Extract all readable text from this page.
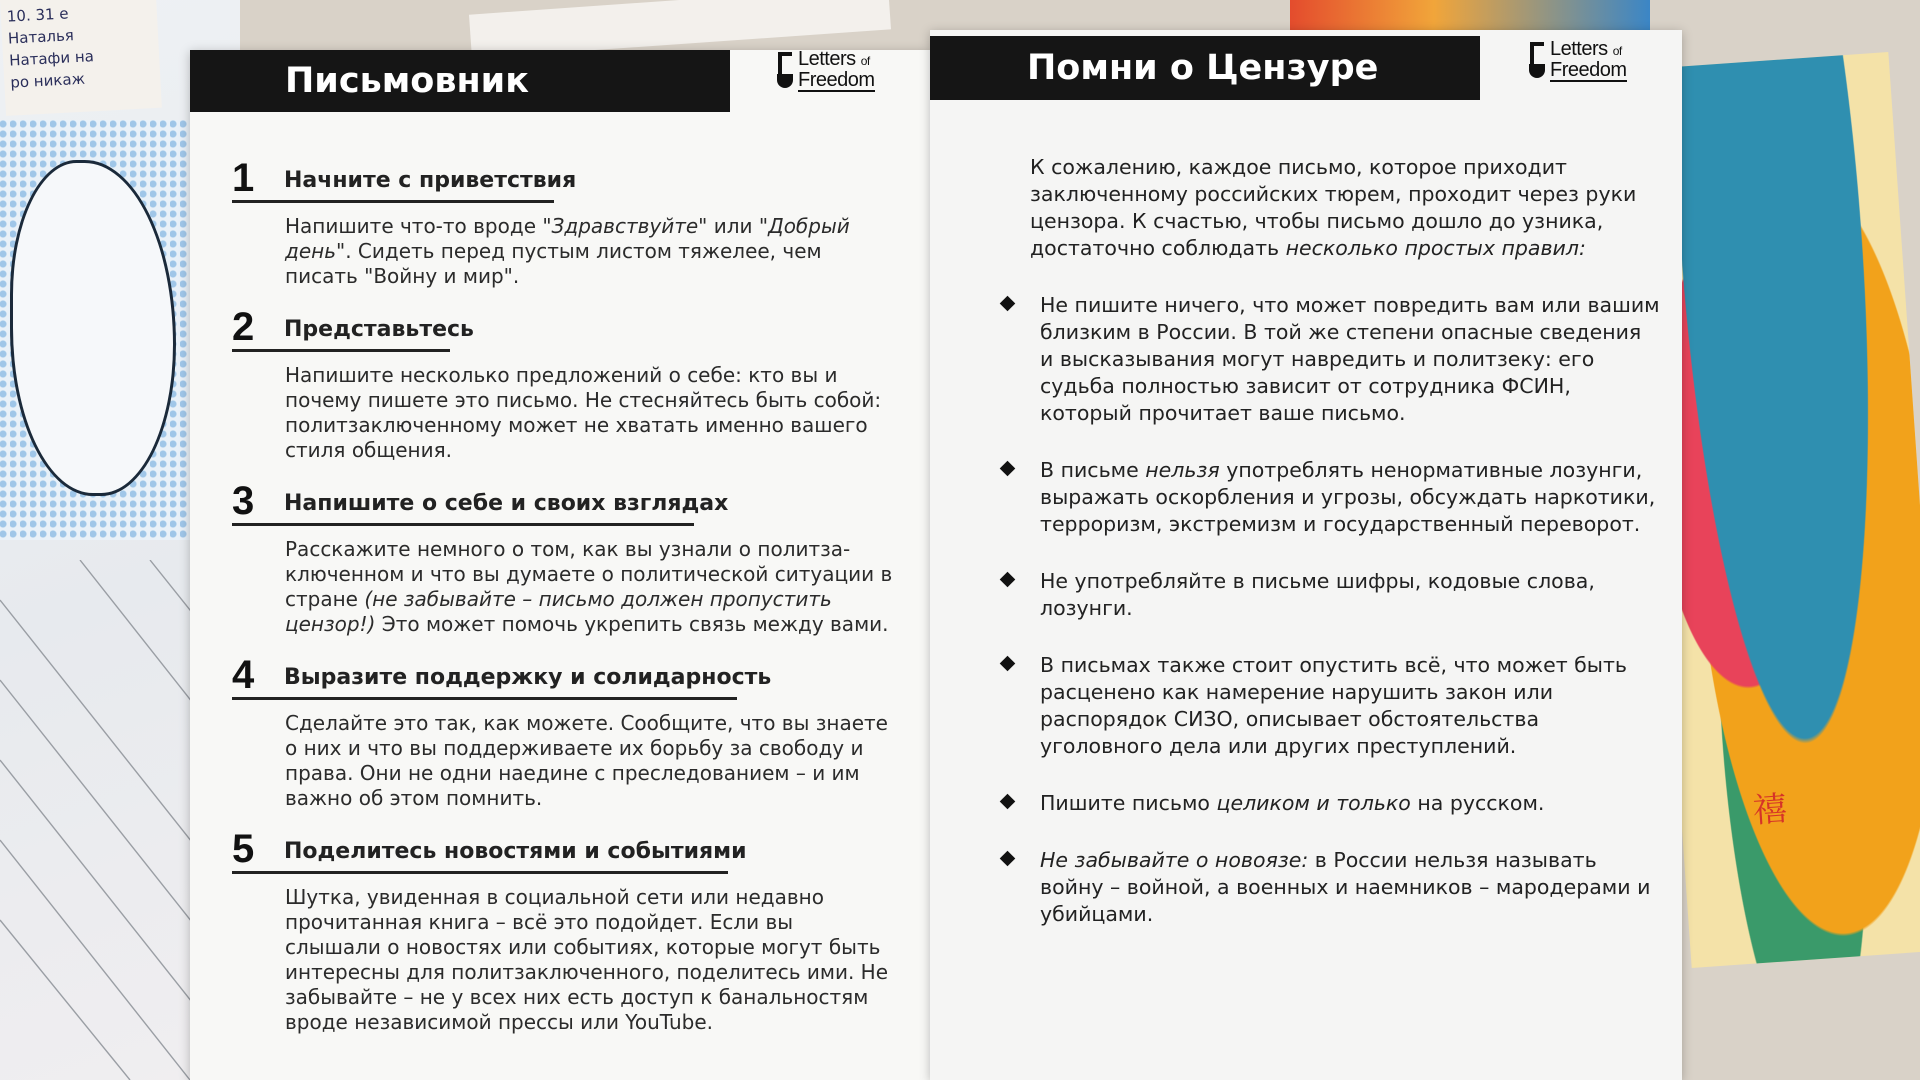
10. 31 е
Наталья
Натафи на
ро никаж
禧
Письмовник
Letters of
Freedom
1 Начните с приветствия
Напишите что-то вроде "Здравствуйте" или "Добрый день". Сидеть перед пустым листом тяжелее, чем писать "Войну и мир".
2 Представьтесь
Напишите несколько предложений о себе: кто вы и почему пишете это письмо. Не стесняйтесь быть собой: политзаключенному может не хватать именно вашего стиля общения.
3 Напишите о себе и своих взглядах
Расскажите немного о том, как вы узнали о политза-ключенном и что вы думаете о политической ситуации в стране (не забывайте – письмо должен пропустить цензор!) Это может помочь укрепить связь между вами.
4 Выразите поддержку и солидарность
Сделайте это так, как можете. Сообщите, что вы знаете о них и что вы поддерживаете их борьбу за свободу и права. Они не одни наедине с преследованием – и им важно об этом помнить.
5 Поделитесь новостями и событиями
Шутка, увиденная в социальной сети или недавно прочитанная книга – всё это подойдет. Если вы слышали о новостях или событиях, которые могут быть интересны для политзаключенного, поделитесь ими. Не забывайте – не у всех них есть доступ к банальностям вроде независимой прессы или YouTube.
Помни о Цензуре	Letters of
Freedom
К сожалению, каждое письмо, которое приходит заключенному российских тюрем, проходит через руки цензора. К счастью, чтобы письмо дошло до узника, достаточно соблюдать несколько простых правил:
Не пишите ничего, что может повредить вам или вашим близким в России. В той же степени опасные сведения и высказывания могут навредить и политзеку: его судьба полностью зависит от сотрудника ФСИН, который прочитает ваше письмо.
В письме нельзя употреблять ненормативные лозунги, выражать оскорбления и угрозы, обсуждать наркотики, терроризм, экстремизм и государственный переворот.
Не употребляйте в письме шифры, кодовые слова, лозунги.
В письмах также стоит опустить всё, что может быть расценено как намерение нарушить закон или распорядок СИЗО, описывает обстоятельства уголовного дела или других преступлений.
Пишите письмо целиком и только на русском.
Не забывайте о новоязе: в России нельзя называть войну – войной, а военных и наемников – мародерами и убийцами.
